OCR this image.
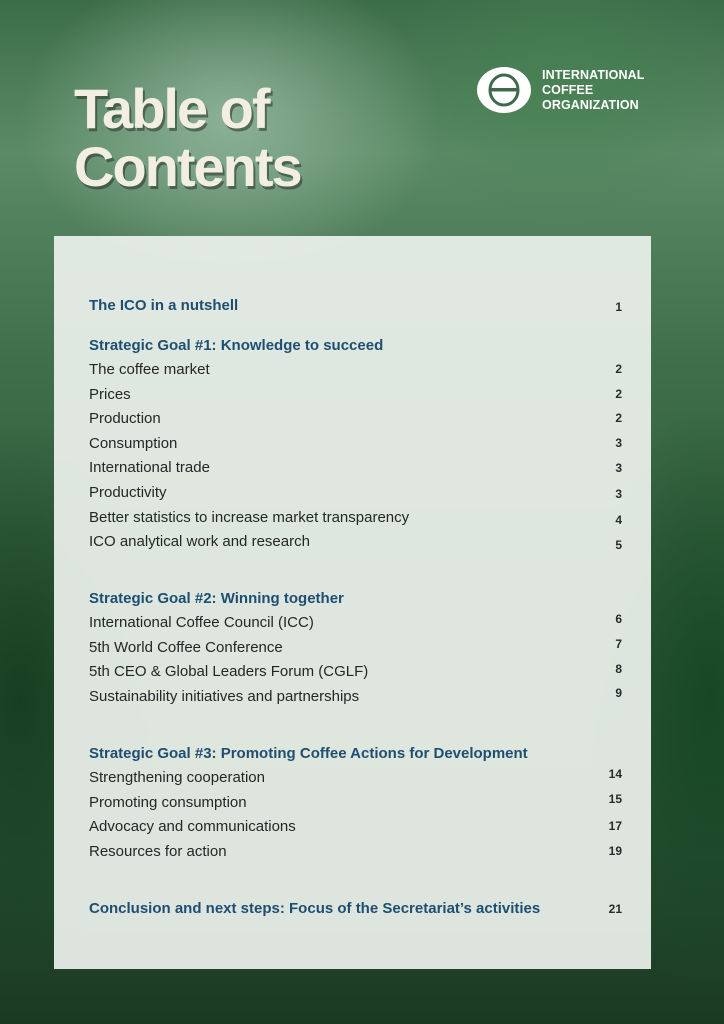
Table of
Contents
INTERNATIONAL
COFFEE
ORGANIZATION
The ICO in a nutshell	1
Strategic Goal #1: Knowledge to succeed
The coffee market	2
Prices	2
Production	2
Consumption	3
International trade	3
Productivity	3
Better statistics to increase market transparency	4
ICO analytical work and research	5
Strategic Goal #2: Winning together
International Coffee Council (ICC)	6
5th World Coffee Conference	7
5th CEO & Global Leaders Forum (CGLF)	8
Sustainability initiatives and partnerships	9
Strategic Goal #3: Promoting Coffee Actions for Development
Strengthening cooperation	14
Promoting consumption	15
Advocacy and communications	17
Resources for action	19
Conclusion and next steps: Focus of the Secretariat’s activities	21
